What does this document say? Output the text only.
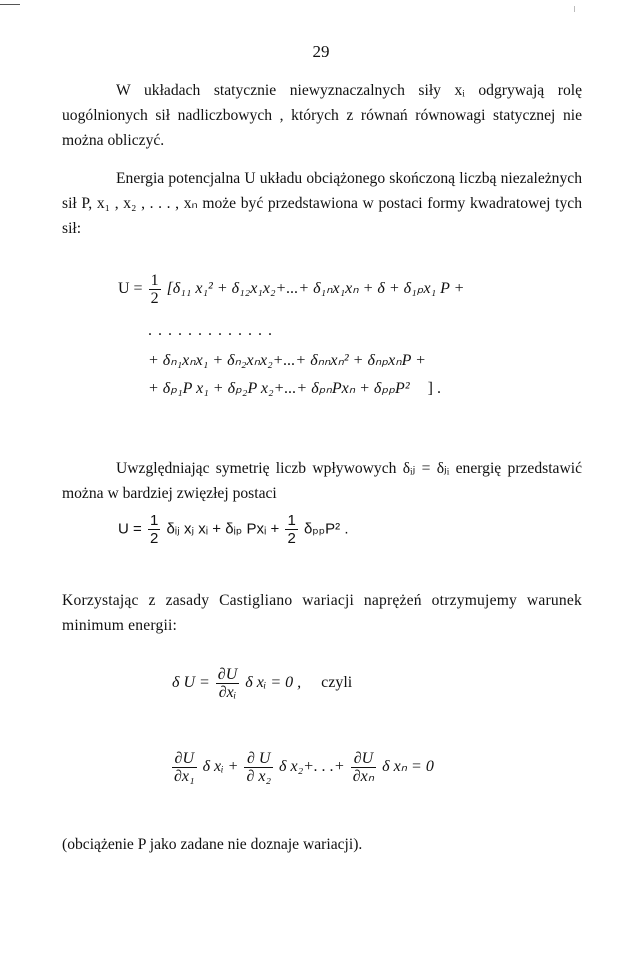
29

W układach statycznie niewyznaczalnych siły xᵢ odgrywają rolę uogólnionych sił nadliczbowych , których z równań równowagi statycznej nie można obliczyć.

Energia potencjalna U układu obciążonego skończoną liczbą niezależnych sił P, x₁ , x₂ , . . . , xₙ może być przedstawiona w postaci formy kwadratowej tych sił:

$U = \frac{1}{2} [\delta_{11}$ x₁² + δ₁₂x₁x₂+...+ δ₁ₙx₁xₙ + δ + δ₁ₚx₁ P +
. . . . . . . . . . . . .
+ δₙ₁xₙx₁ + δₙ₂xₙx₂+...+ δₙₙxₙ² + δₙₚxₙP +
+ δₚ₁P x₁ + δₚ₂P x₂+...+ δₚₙPxₙ + δₚₚP² ] .

Uwzględniając symetrię liczb wpływowych δᵢⱼ = δⱼᵢ energię przedstawić można w bardziej zwięzłej postaci

$U = \frac{1}{2}$ δᵢⱼ xⱼ xᵢ + δᵢₚ Pxᵢ + $\frac{1}{2} \delta_{pp}P^2$ .

Korzystając z zasady Castigliano wariacji naprężeń otrzymujemy warunek minimum energii:

δ $U = \frac{\partial U}{\text{∂xᵢ}}$ δ xᵢ = 0 , czyli
$\frac{\partial U}{\text{∂x₁}}$ δ xᵢ + $\frac{\partial U}{\text{∂ x₂}}$ δ x₂+. . .+ $\frac{\partial U}{\text{∂xₙ}}$ δ xₙ = 0

(obciążenie P jako zadane nie doznaje wariacji).
